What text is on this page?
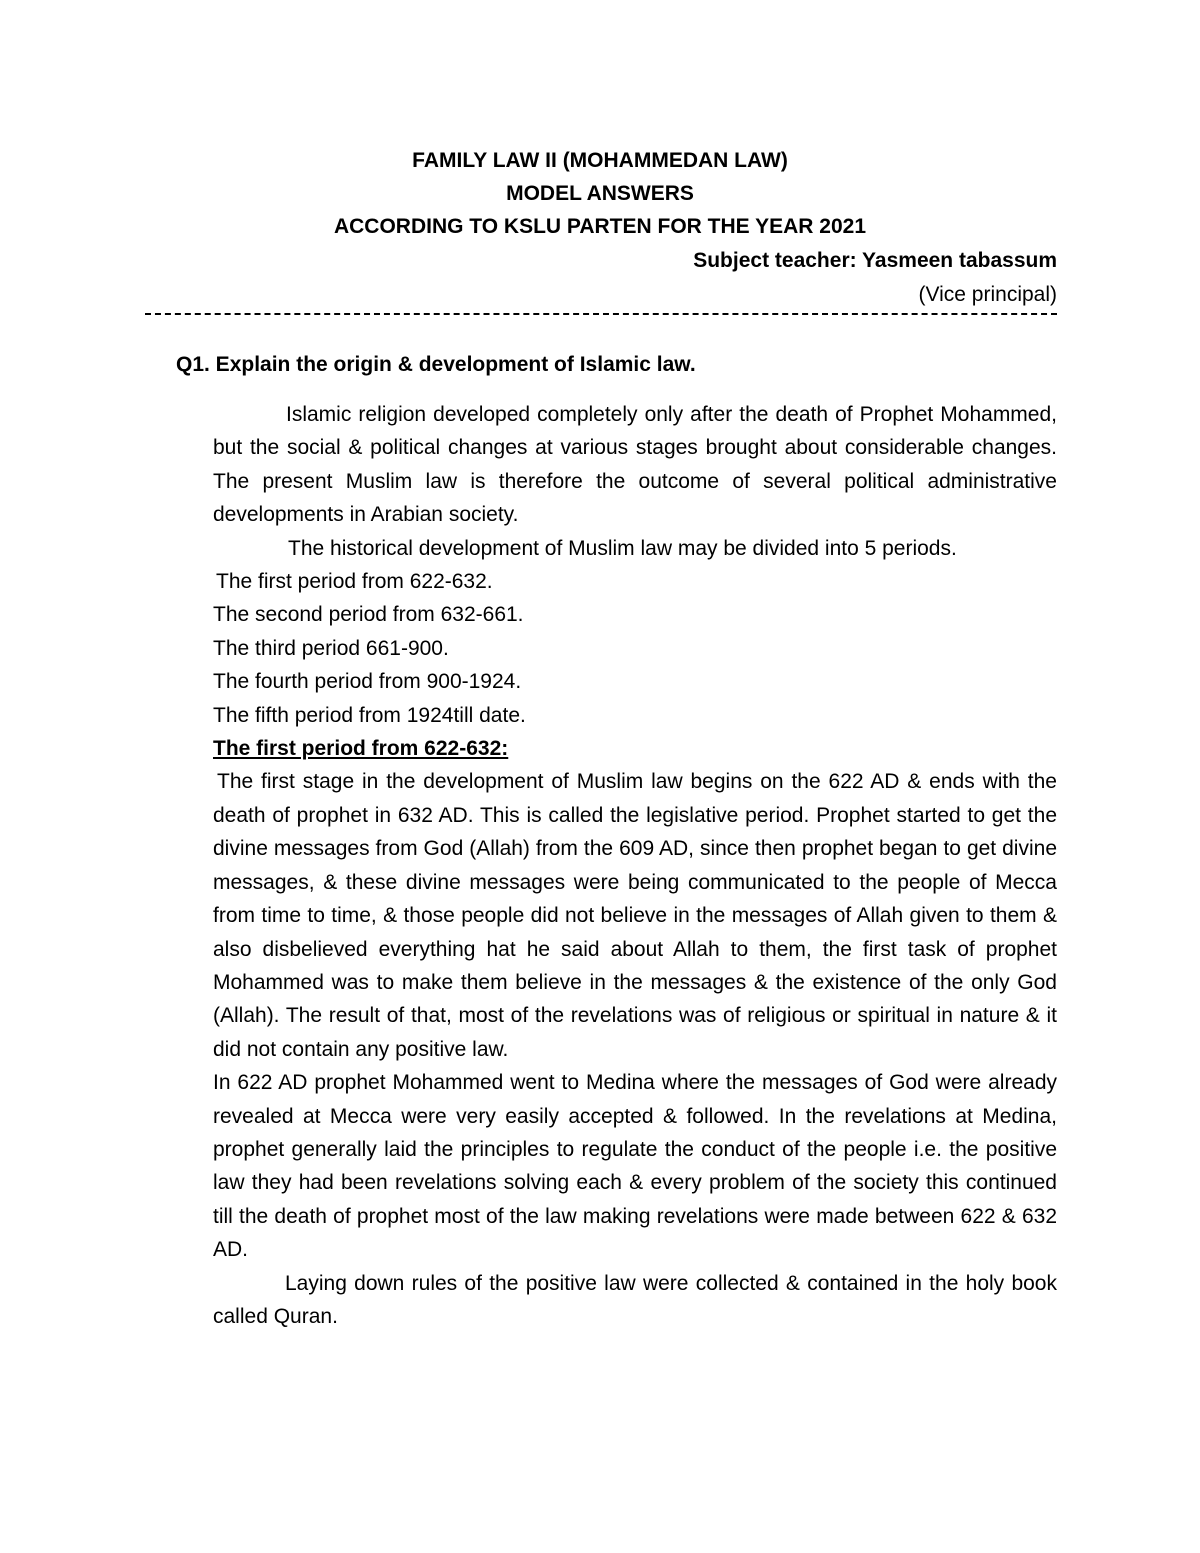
FAMILY LAW II (MOHAMMEDAN LAW)
MODEL ANSWERS
ACCORDING TO KSLU PARTEN FOR THE YEAR 2021
Subject teacher: Yasmeen tabassum
(Vice principal)
Q1. Explain the origin & development of Islamic law.

Islamic religion developed completely only after the death of Prophet Mohammed, but the social & political changes at various stages brought about considerable changes. The present Muslim law is therefore the outcome of several political administrative developments in Arabian society.

The historical development of Muslim law may be divided into 5 periods.

The first period from 622-632.

The second period from 632-661.

The third period 661-900.

The fourth period from 900-1924.

The fifth period from 1924till date.

The first period from 622-632:

The first stage in the development of Muslim law begins on the 622 AD & ends with the death of prophet in 632 AD. This is called the legislative period. Prophet started to get the divine messages from God (Allah) from the 609 AD, since then prophet began to get divine messages, & these divine messages were being communicated to the people of Mecca from time to time, & those people did not believe in the messages of Allah given to them & also disbelieved everything hat he said about Allah to them, the first task of prophet Mohammed was to make them believe in the messages & the existence of the only God (Allah). The result of that, most of the revelations was of religious or spiritual in nature & it did not contain any positive law.

In 622 AD prophet Mohammed went to Medina where the messages of God were already revealed at Mecca were very easily accepted & followed. In the revelations at Medina, prophet generally laid the principles to regulate the conduct of the people i.e. the positive law they had been revelations solving each & every problem of the society this continued till the death of prophet most of the law making revelations were made between 622 & 632 AD.

Laying down rules of the positive law were collected & contained in the holy book called Quran.
